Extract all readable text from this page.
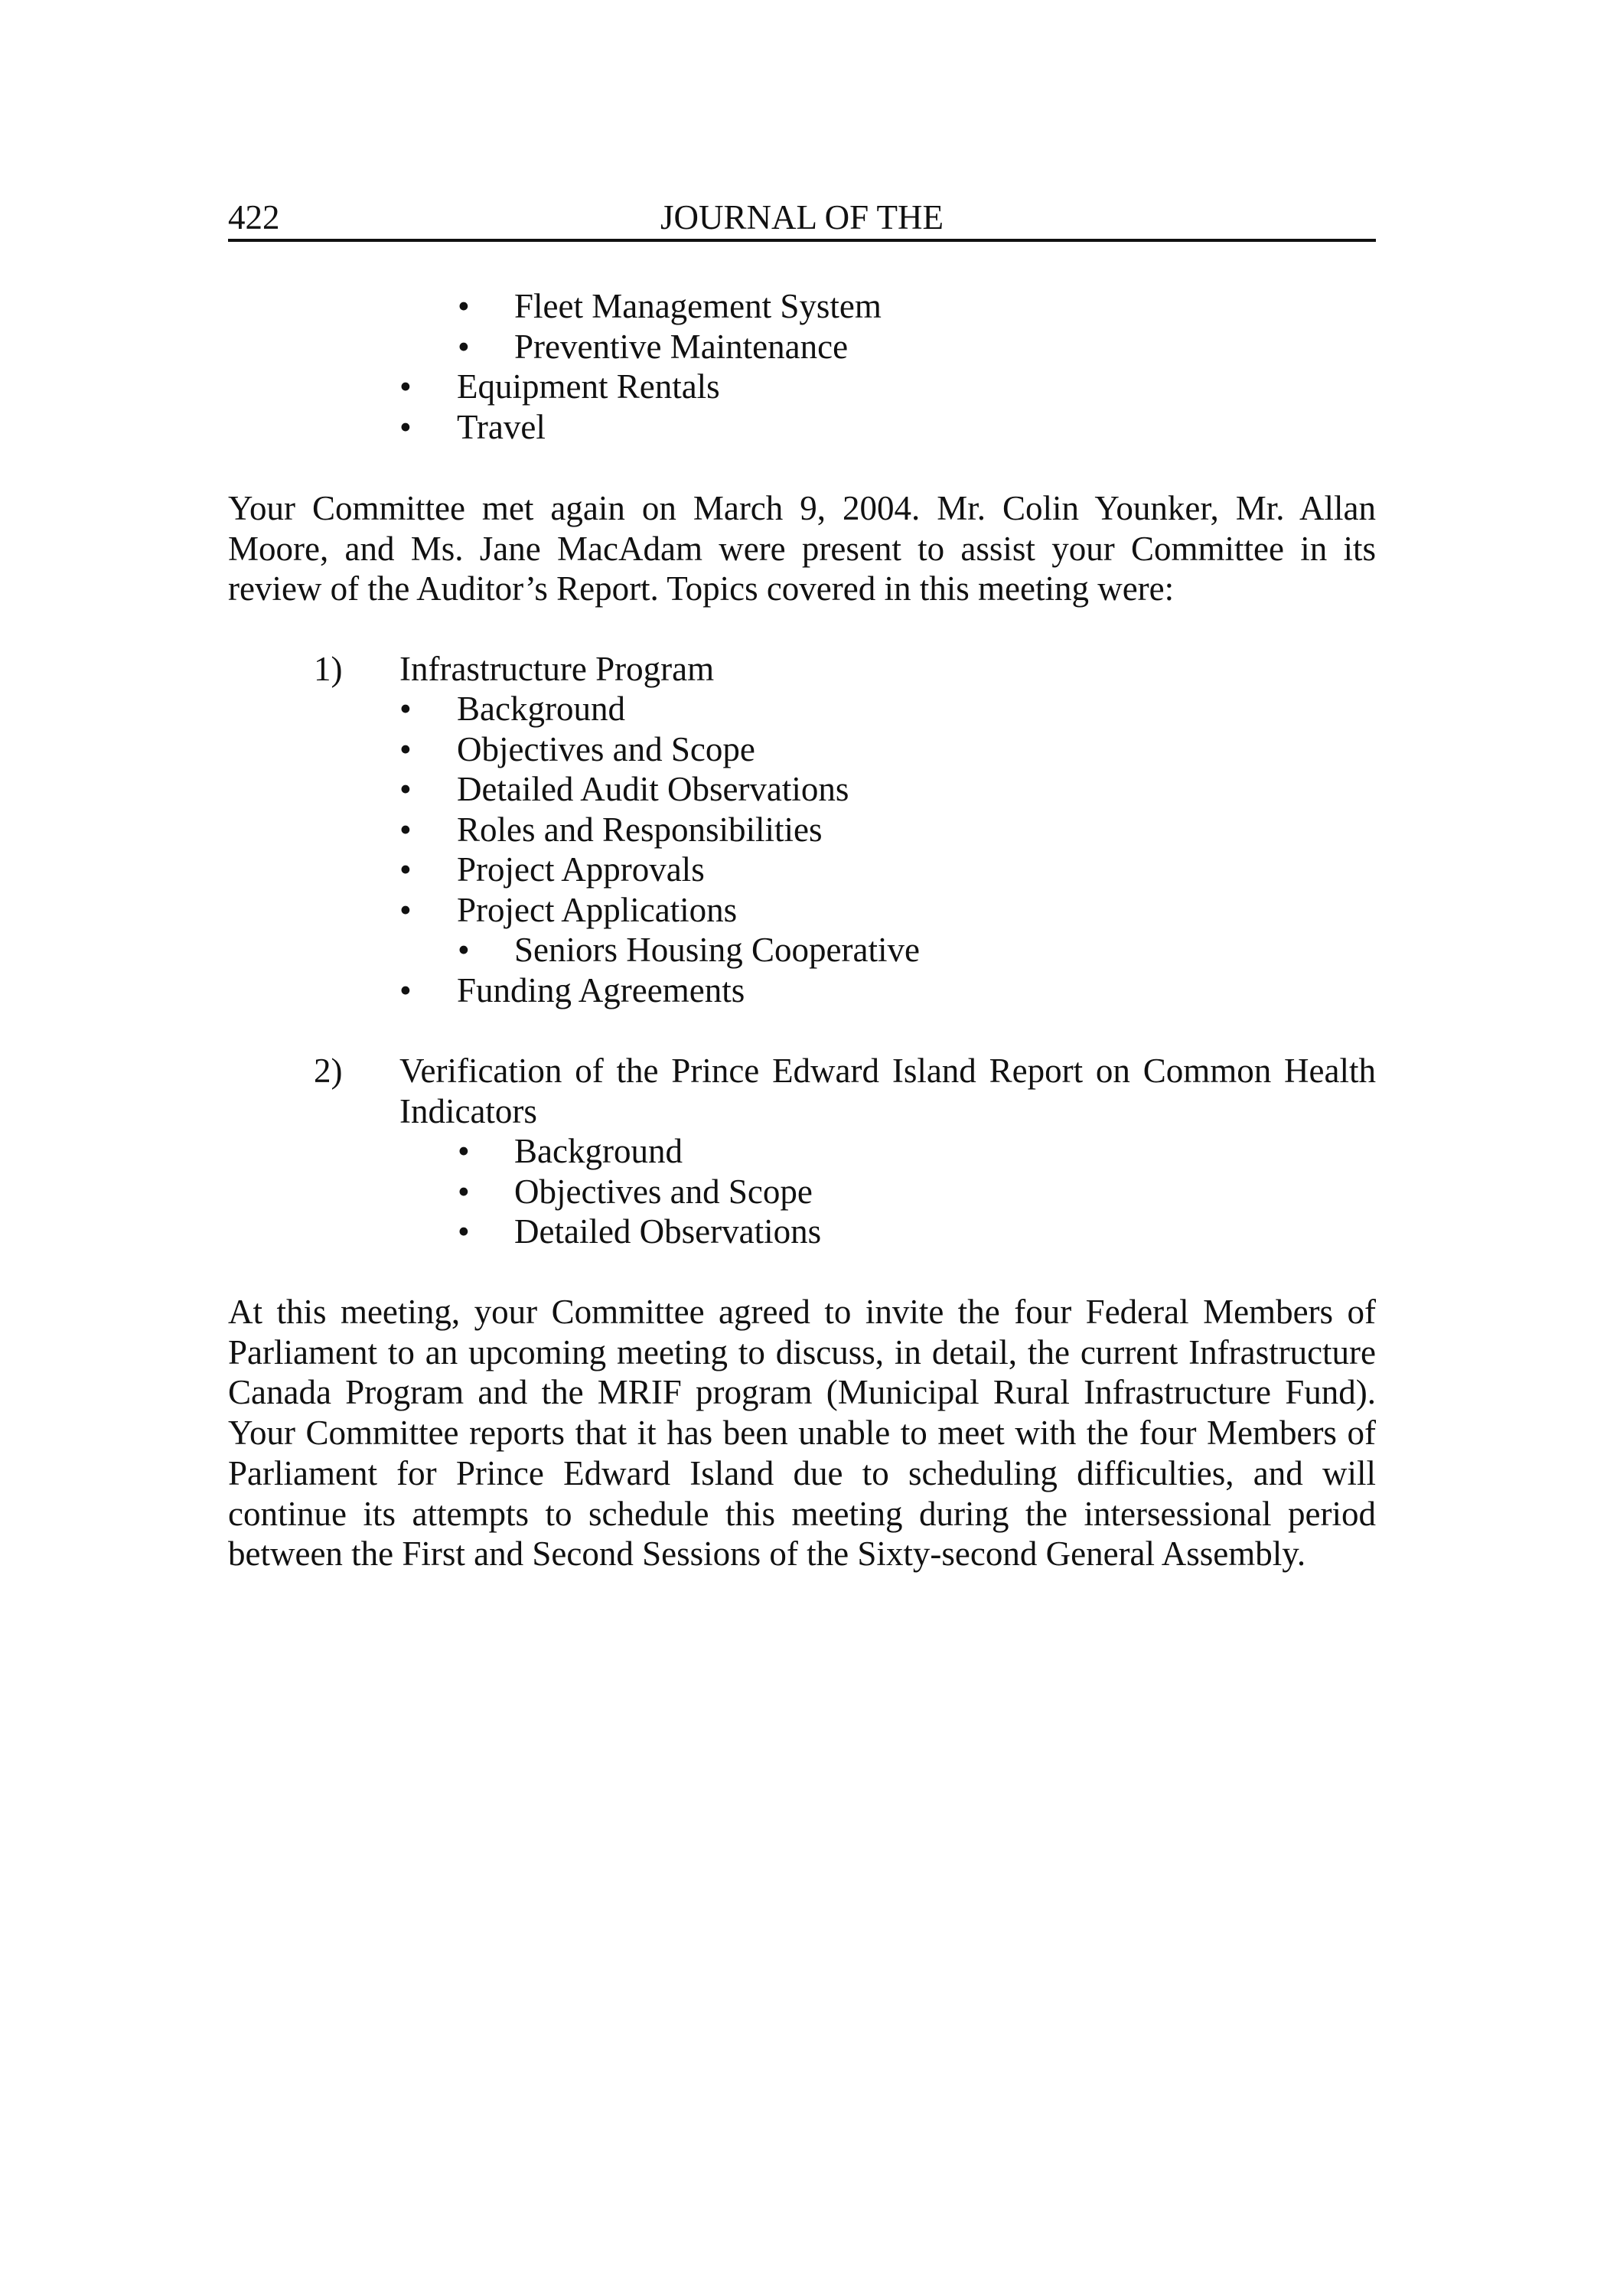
422	JOURNAL OF THE
• Fleet Management System
• Preventive Maintenance
• Equipment Rentals
• Travel

Your Committee met again on March 9, 2004. Mr. Colin Younker, Mr. Allan Moore, and Ms. Jane MacAdam were present to assist your Committee in its review of the Auditor’s Report. Topics covered in this meeting were:

1) Infrastructure Program
• Background
• Objectives and Scope
• Detailed Audit Observations
• Roles and Responsibilities
• Project Approvals
• Project Applications
• Seniors Housing Cooperative
• Funding Agreements
2) Verification of the Prince Edward Island Report on Common Health Indicators
• Background
• Objectives and Scope
• Detailed Observations

At this meeting, your Committee agreed to invite the four Federal Members of Parliament to an upcoming meeting to discuss, in detail, the current Infrastructure Canada Program and the MRIF program (Municipal Rural Infrastructure Fund). Your Committee reports that it has been unable to meet with the four Members of Parliament for Prince Edward Island due to scheduling difficulties, and will continue its attempts to schedule this meeting during the intersessional period between the First and Second Sessions of the Sixty-second General Assembly.
